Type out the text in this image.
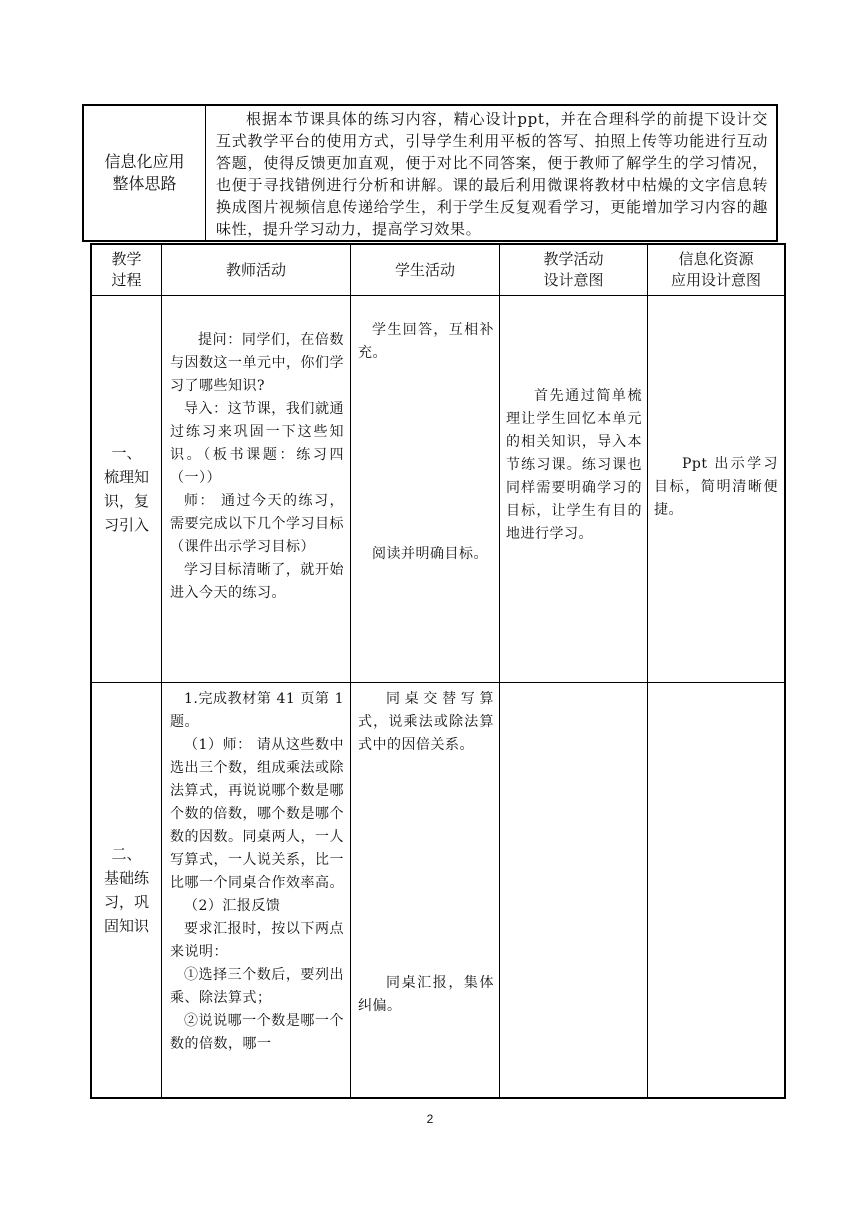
信息化应用
整体思路
根据本节课具体的练习内容，精心设计ppt，并在合理科学的前提下设计交互式教学平台的使用方式，引导学生利用平板的答写、拍照上传等功能进行互动答题，使得反馈更加直观，便于对比不同答案，便于教师了解学生的学习情况，也便于寻找错例进行分析和讲解。课的最后利用微课将教材中枯燥的文字信息转换成图片视频信息传递给学生，利于学生反复观看学习，更能增加学习内容的趣味性，提升学习动力，提高学习效果。
教学
过程
教师活动	学生活动
教学活动
设计意图
信息化资源
应用设计意图
一、
梳理知
识，复
习引入

提问：同学们，在倍数与因数这一单元中，你们学习了哪些知识?

导入：这节课，我们就通过练习来巩固一下这些知识。（板书课题：练习四（一））

师： 通过今天的练习，需要完成以下几个学习目标（课件出示学习目标）

学习目标清晰了，就开始进入今天的练习。

学生回答，互相补充。

阅读并明确目标。

首先通过简单梳理让学生回忆本单元的相关知识，导入本节练习课。练习课也同样需要明确学习的目标，让学生有目的地进行学习。

Ppt 出示学习目标，简明清晰便捷。

二、
基础练
习，巩
固知识

1.完成教材第 41 页第 1 题。

（1）师： 请从这些数中选出三个数，组成乘法或除法算式，再说说哪个数是哪个数的倍数，哪个数是哪个数的因数。同桌两人，一人写算式，一人说关系，比一比哪一个同桌合作效率高。

（2）汇报反馈

要求汇报时，按以下两点来说明：

①选择三个数后，要列出乘、除法算式；

②说说哪一个数是哪一个数的倍数，哪一

同桌交替写算式，说乘法或除法算式中的因倍关系。

同桌汇报，集体纠偏。

2
